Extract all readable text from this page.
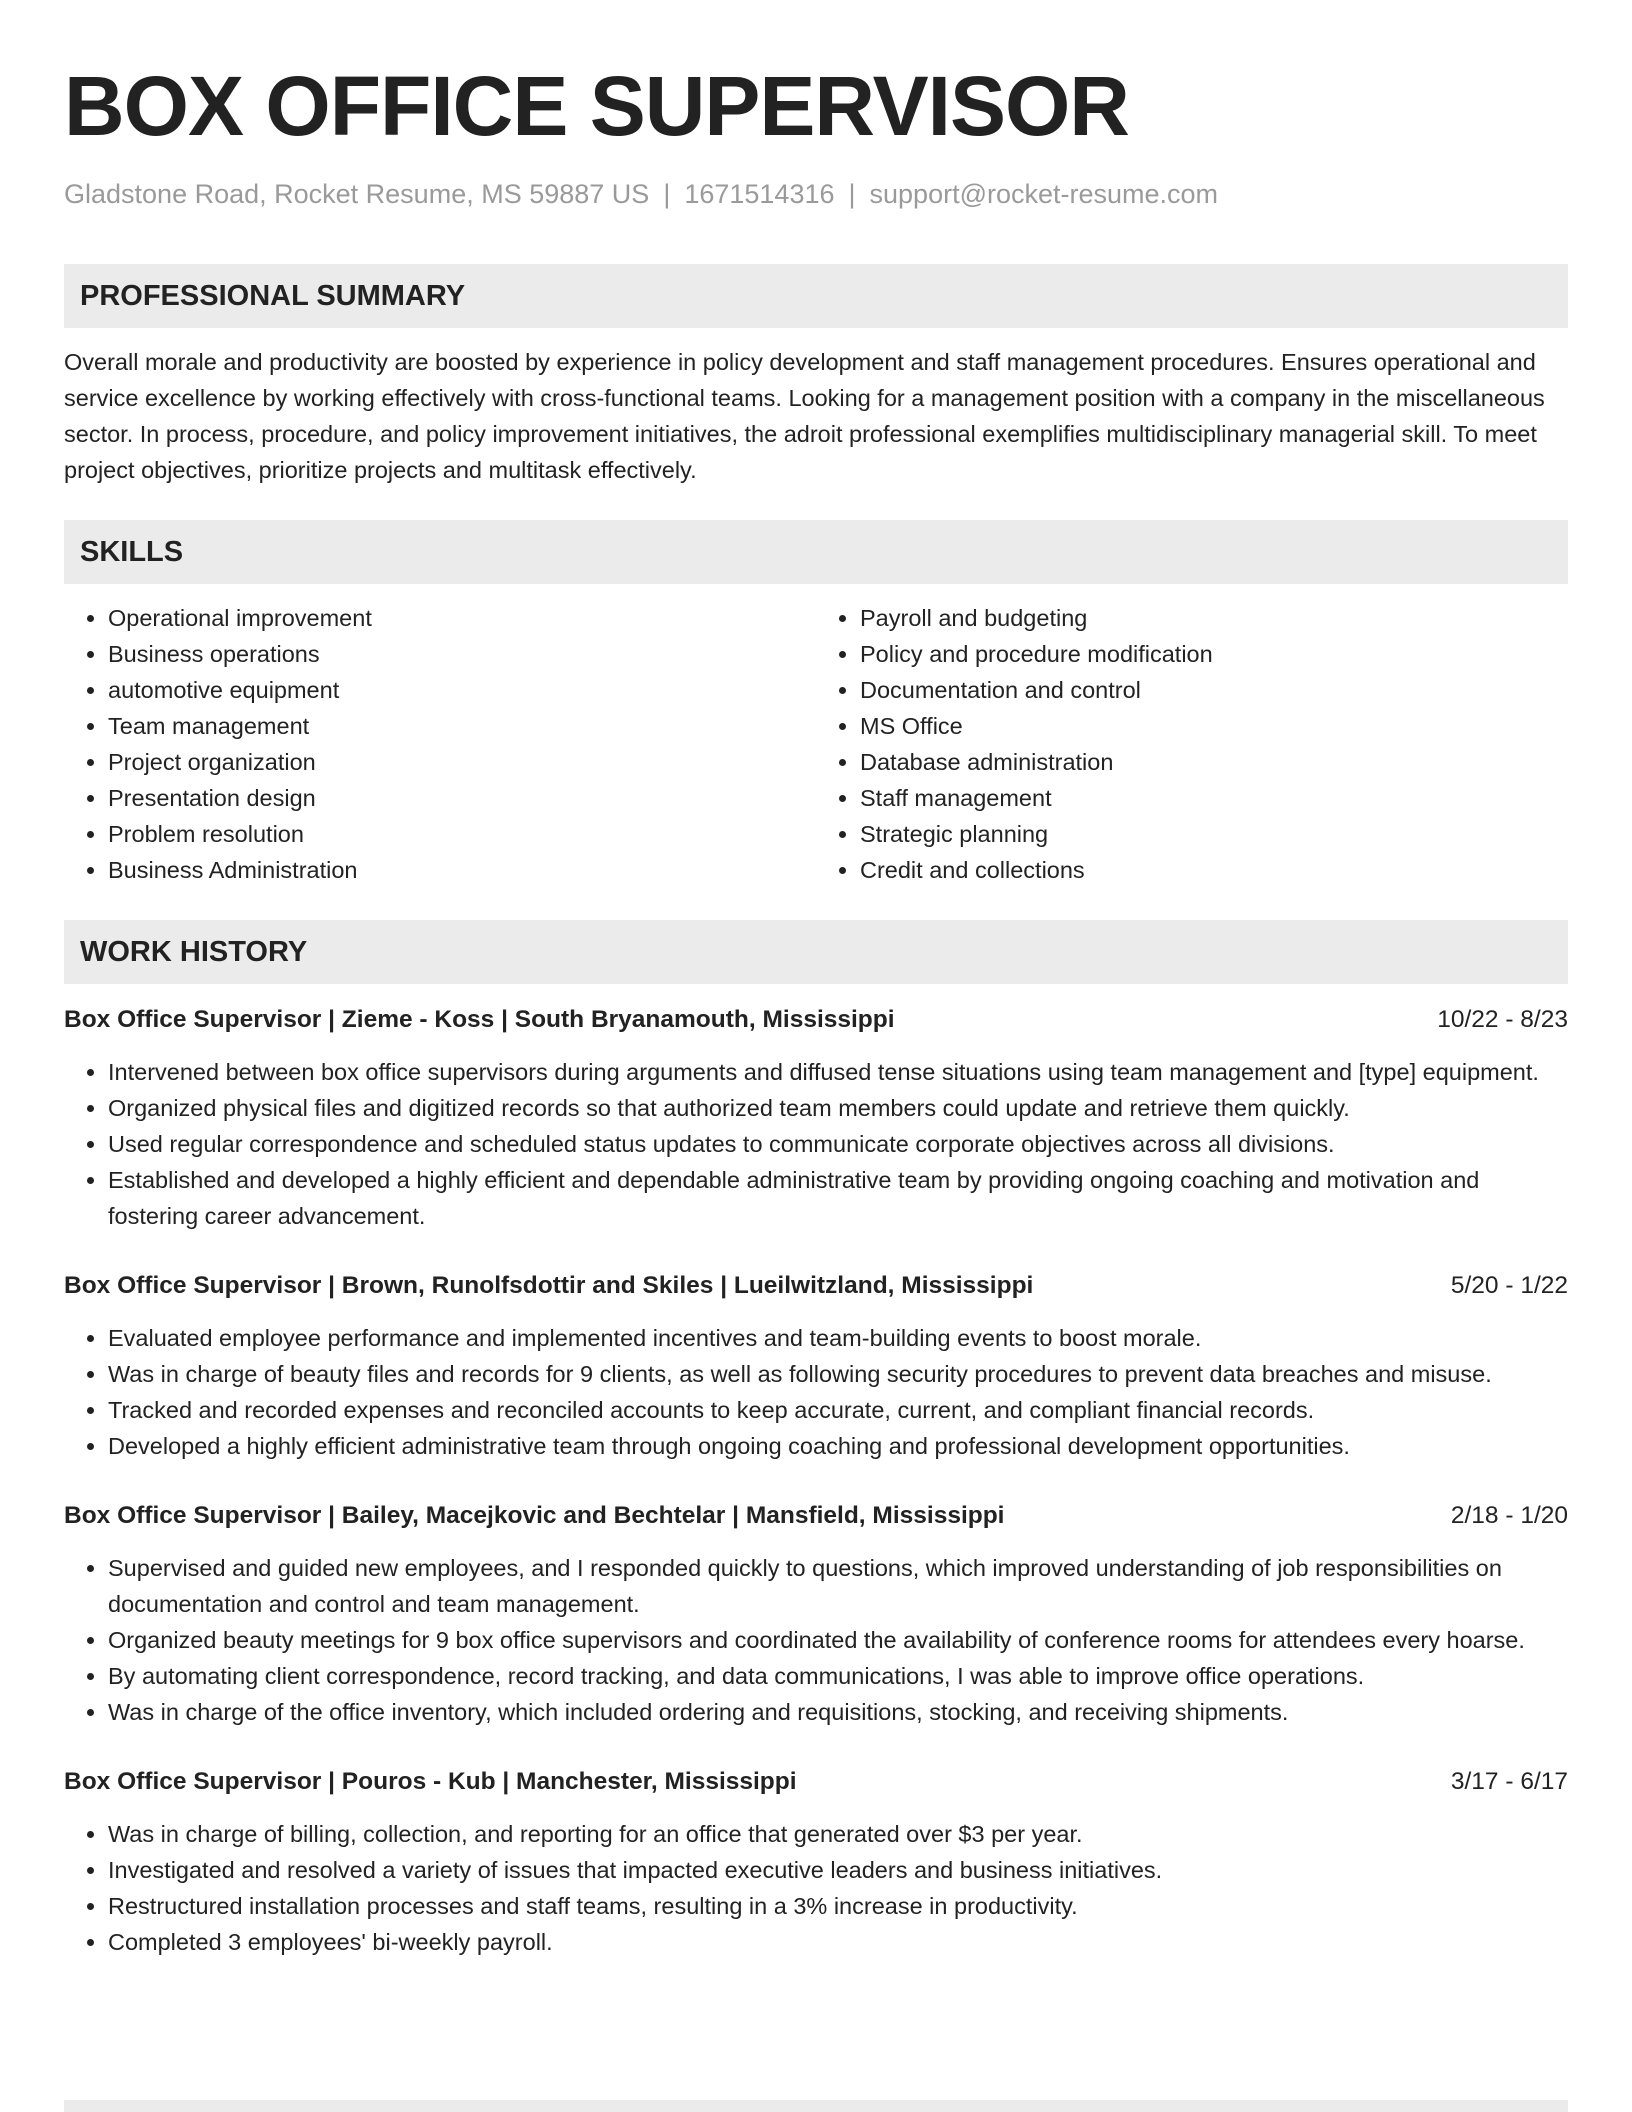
BOX OFFICE SUPERVISOR
Gladstone Road, Rocket Resume, MS 59887 US | 1671514316 | support@rocket-resume.com
PROFESSIONAL SUMMARY

Overall morale and productivity are boosted by experience in policy development and staff management procedures. Ensures operational and service excellence by working effectively with cross-functional teams. Looking for a management position with a company in the miscellaneous sector. In process, procedure, and policy improvement initiatives, the adroit professional exemplifies multidisciplinary managerial skill. To meet project objectives, prioritize projects and multitask effectively.

SKILLS
• Operational improvement
• Business operations
• automotive equipment
• Team management
• Project organization
• Presentation design
• Problem resolution
• Business Administration
• Payroll and budgeting
• Policy and procedure modification
• Documentation and control
• MS Office
• Database administration
• Staff management
• Strategic planning
• Credit and collections
WORK HISTORY
Box Office Supervisor | Zieme - Koss | South Bryanamouth, Mississippi	10/22 - 8/23
• Intervened between box office supervisors during arguments and diffused tense situations using team management and [type] equipment.
• Organized physical files and digitized records so that authorized team members could update and retrieve them quickly.
• Used regular correspondence and scheduled status updates to communicate corporate objectives across all divisions.
• Established and developed a highly efficient and dependable administrative team by providing ongoing coaching and motivation and fostering career advancement.
Box Office Supervisor | Brown, Runolfsdottir and Skiles | Lueilwitzland, Mississippi	5/20 - 1/22
• Evaluated employee performance and implemented incentives and team-building events to boost morale.
• Was in charge of beauty files and records for 9 clients, as well as following security procedures to prevent data breaches and misuse.
• Tracked and recorded expenses and reconciled accounts to keep accurate, current, and compliant financial records.
• Developed a highly efficient administrative team through ongoing coaching and professional development opportunities.
Box Office Supervisor | Bailey, Macejkovic and Bechtelar | Mansfield, Mississippi	2/18 - 1/20
• Supervised and guided new employees, and I responded quickly to questions, which improved understanding of job responsibilities on documentation and control and team management.
• Organized beauty meetings for 9 box office supervisors and coordinated the availability of conference rooms for attendees every hoarse.
• By automating client correspondence, record tracking, and data communications, I was able to improve office operations.
• Was in charge of the office inventory, which included ordering and requisitions, stocking, and receiving shipments.
Box Office Supervisor | Pouros - Kub | Manchester, Mississippi	3/17 - 6/17
• Was in charge of billing, collection, and reporting for an office that generated over $3 per year.
• Investigated and resolved a variety of issues that impacted executive leaders and business initiatives.
• Restructured installation processes and staff teams, resulting in a 3% increase in productivity.
• Completed 3 employees' bi-weekly payroll.
